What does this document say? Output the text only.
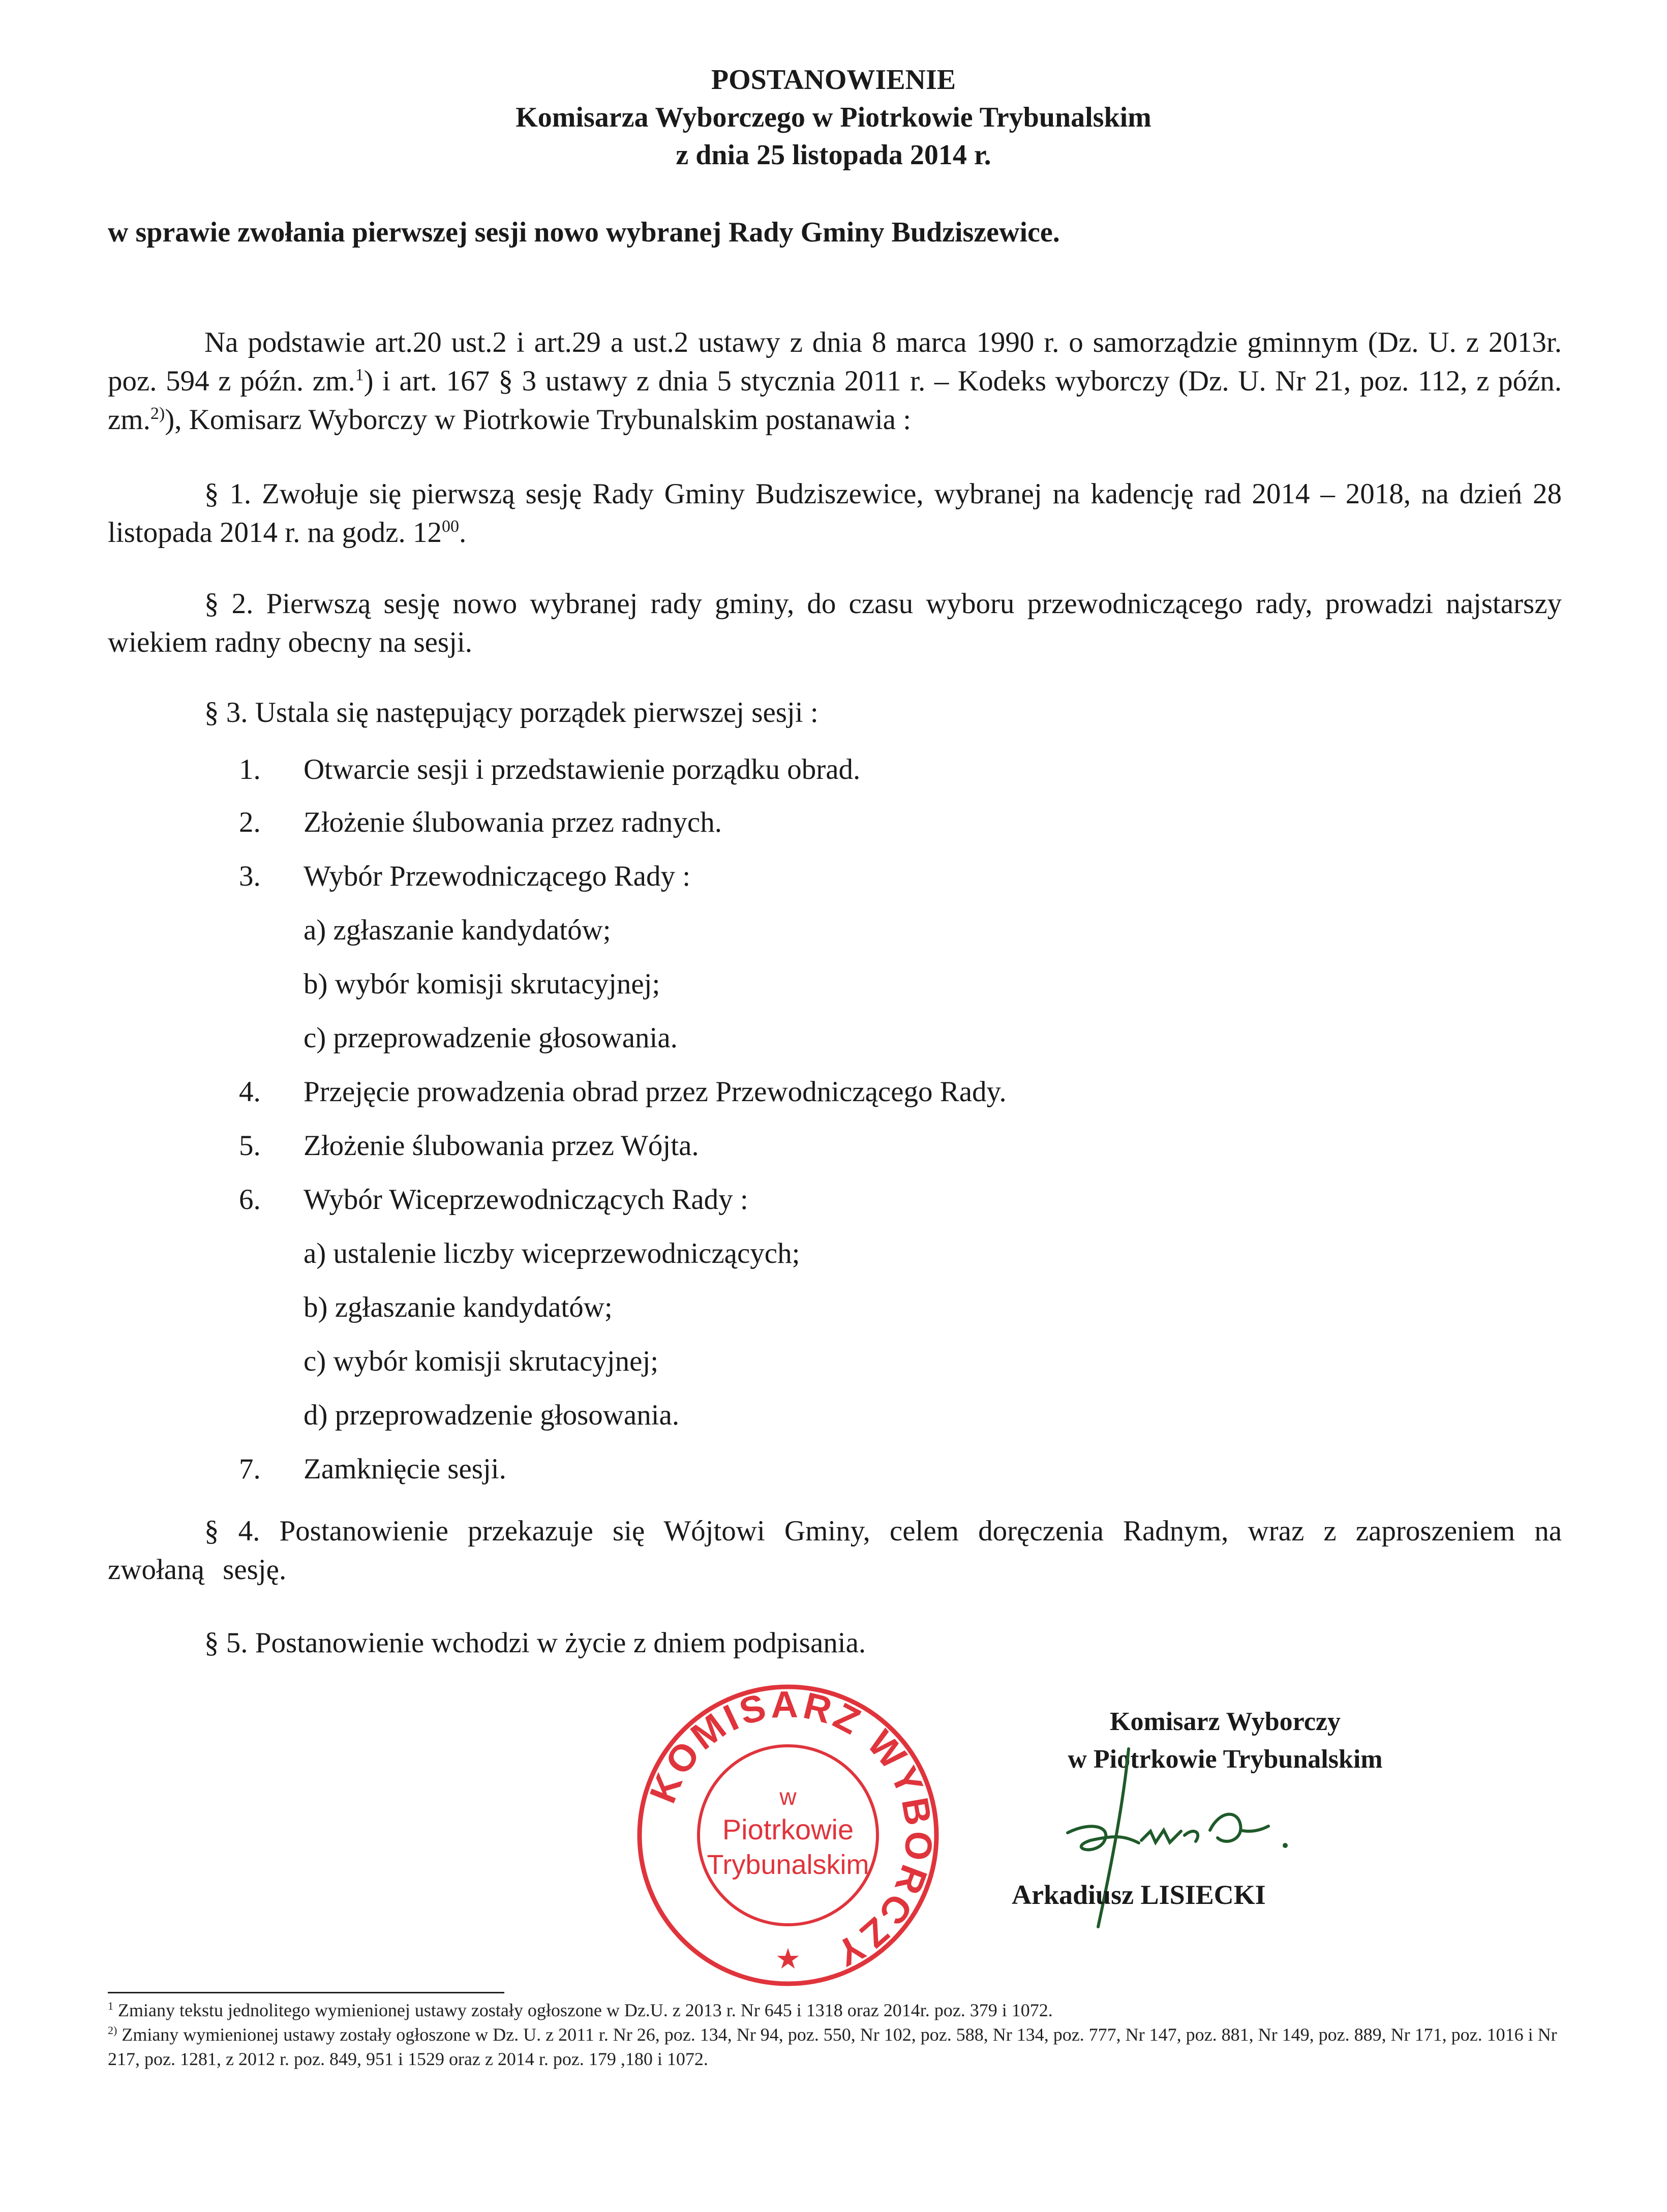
POSTANOWIENIE
Komisarza Wyborczego w Piotrkowie Trybunalskim
z dnia 25 listopada 2014 r.
w sprawie zwołania pierwszej sesji nowo wybranej Rady Gminy Budziszewice.
Na podstawie art.20 ust.2 i art.29 a ust.2 ustawy z dnia 8 marca 1990 r. o samorządzie gminnym (Dz. U. z 2013r. poz. 594 z późn. zm.$^1$) i art. 167 § 3 ustawy z dnia 5 stycznia 2011 r. – Kodeks wyborczy (Dz. U. Nr 21, poz. 112, z późn. zm.$^{2)}$), Komisarz Wyborczy w Piotrkowie Trybunalskim postanawia :
§ 1. Zwołuje się pierwszą sesję Rady Gminy Budziszewice, wybranej na kadencję rad 2014 – 2018, na dzień 28 listopada 2014 r. na godz. $12^{00}$.
§ 2. Pierwszą sesję nowo wybranej rady gminy, do czasu wyboru przewodniczącego rady, prowadzi najstarszy wiekiem radny obecny na sesji.
§ 3. Ustala się następujący porządek pierwszej sesji :
1.	Otwarcie sesji i przedstawienie porządku obrad.
2.	Złożenie ślubowania przez radnych.
3.	Wybór Przewodniczącego Rady :
a) zgłaszanie kandydatów;
b) wybór komisji skrutacyjnej;
c) przeprowadzenie głosowania.
4.	Przejęcie prowadzenia obrad przez Przewodniczącego Rady.
5.	Złożenie ślubowania przez Wójta.
6.	Wybór Wiceprzewodniczących Rady :
a) ustalenie liczby wiceprzewodniczących;
b) zgłaszanie kandydatów;
c) wybór komisji skrutacyjnej;
d) przeprowadzenie głosowania.
7.	Zamknięcie sesji.
§ 4. Postanowienie przekazuje się Wójtowi Gminy, celem doręczenia Radnym, wraz z zaproszeniem na zwołaną sesję.
§ 5. Postanowienie wchodzi w życie z dniem podpisania.
KOMISARZ WYBORCZY
w
Piotrkowie
Trybunalskim
★
Komisarz Wyborczy
w Piotrkowie Trybunalskim
Arkadiusz LISIECKI
$^1$ Zmiany tekstu jednolitego wymienionej ustawy zostały ogłoszone w Dz.U. z 2013 r. Nr 645 i 1318 oraz 2014r. poz. 379 i 1072.
$^{2)}$ Zmiany wymienionej ustawy zostały ogłoszone w Dz. U. z 2011 r. Nr 26, poz. 134, Nr 94, poz. 550, Nr 102, poz. 588, Nr 134, poz. 777, Nr 147, poz. 881, Nr 149, poz. 889, Nr 171, poz. 1016 i Nr 217, poz. 1281, z 2012 r. poz. 849, 951 i 1529 oraz z 2014 r. poz. 179 ,180 i 1072.
